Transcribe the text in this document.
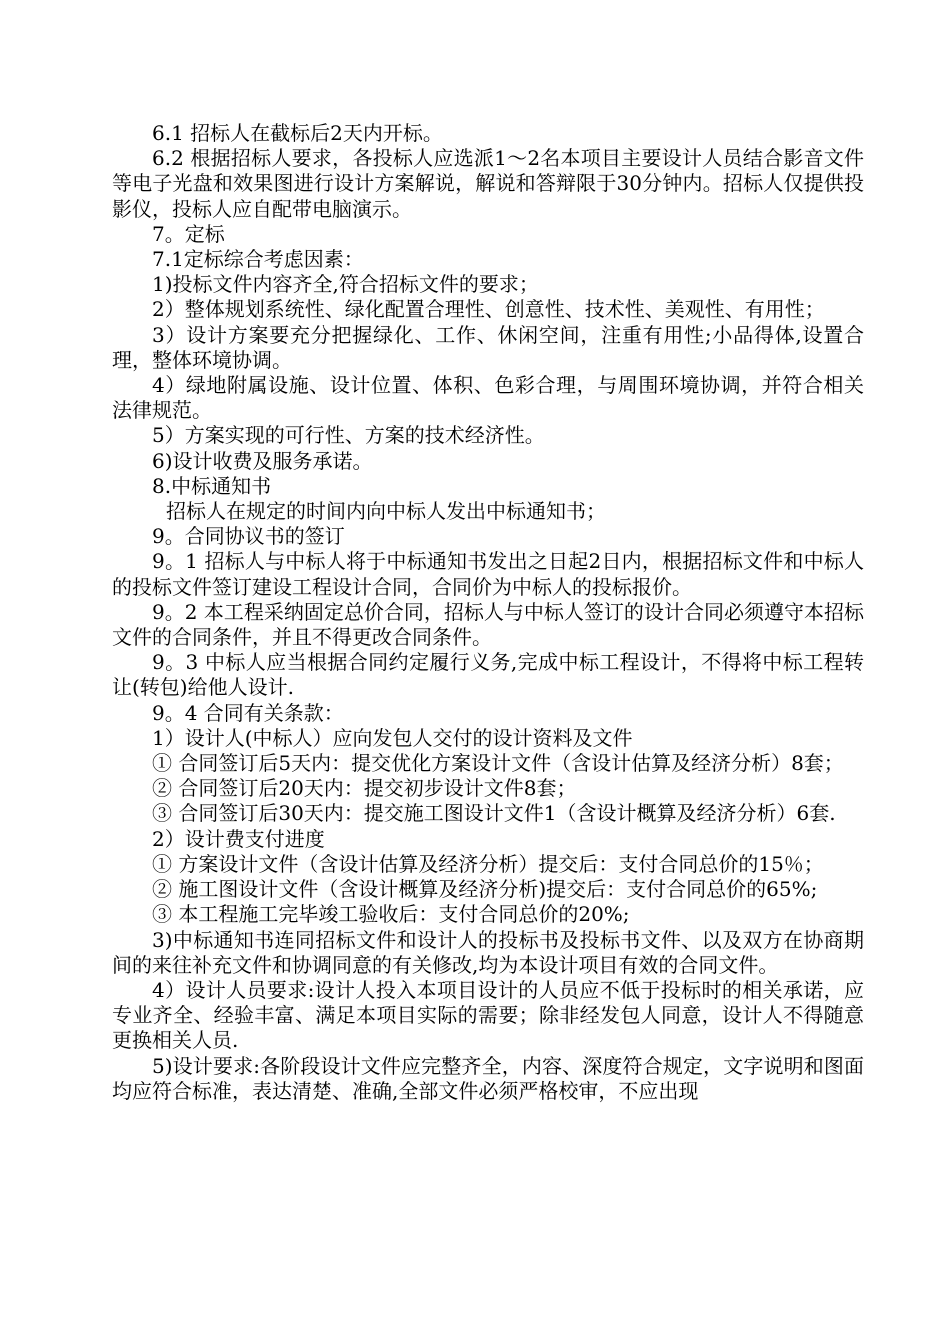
6.1 招标人在截标后2天内开标。

6.2 根据招标人要求，各投标人应选派1～2名本项目主要设计人员结合影音文件等电子光盘和效果图进行设计方案解说，解说和答辩限于30分钟内。招标人仅提供投影仪，投标人应自配带电脑演示。

7。定标

7.1定标综合考虑因素：

1)投标文件内容齐全,符合招标文件的要求；

2）整体规划系统性、绿化配置合理性、创意性、技术性、美观性、有用性；

3）设计方案要充分把握绿化、工作、休闲空间，注重有用性;小品得体,设置合理，整体环境协调。

4）绿地附属设施、设计位置、体积、色彩合理，与周围环境协调，并符合相关法律规范。

5）方案实现的可行性、方案的技术经济性。

6)设计收费及服务承诺。

8.中标通知书

招标人在规定的时间内向中标人发出中标通知书；

9。合同协议书的签订

9。1 招标人与中标人将于中标通知书发出之日起2日内，根据招标文件和中标人的投标文件签订建设工程设计合同，合同价为中标人的投标报价。

9。2 本工程采纳固定总价合同，招标人与中标人签订的设计合同必须遵守本招标文件的合同条件，并且不得更改合同条件。

9。3 中标人应当根据合同约定履行义务,完成中标工程设计，不得将中标工程转让(转包)给他人设计.

9。4 合同有关条款：

1）设计人(中标人）应向发包人交付的设计资料及文件

① 合同签订后5天内：提交优化方案设计文件（含设计估算及经济分析）8套；

② 合同签订后20天内：提交初步设计文件8套；

③ 合同签订后30天内：提交施工图设计文件1（含设计概算及经济分析）6套.

2）设计费支付进度

① 方案设计文件（含设计估算及经济分析）提交后：支付合同总价的15％；

② 施工图设计文件（含设计概算及经济分析)提交后：支付合同总价的65%;

③ 本工程施工完毕竣工验收后：支付合同总价的20%;

3)中标通知书连同招标文件和设计人的投标书及投标书文件、以及双方在协商期间的来往补充文件和协调同意的有关修改,均为本设计项目有效的合同文件。

4）设计人员要求:设计人投入本项目设计的人员应不低于投标时的相关承诺，应专业齐全、经验丰富、满足本项目实际的需要；除非经发包人同意，设计人不得随意更换相关人员.

5)设计要求:各阶段设计文件应完整齐全，内容、深度符合规定，文字说明和图面均应符合标准，表达清楚、准确,全部文件必须严格校审，不应出现
